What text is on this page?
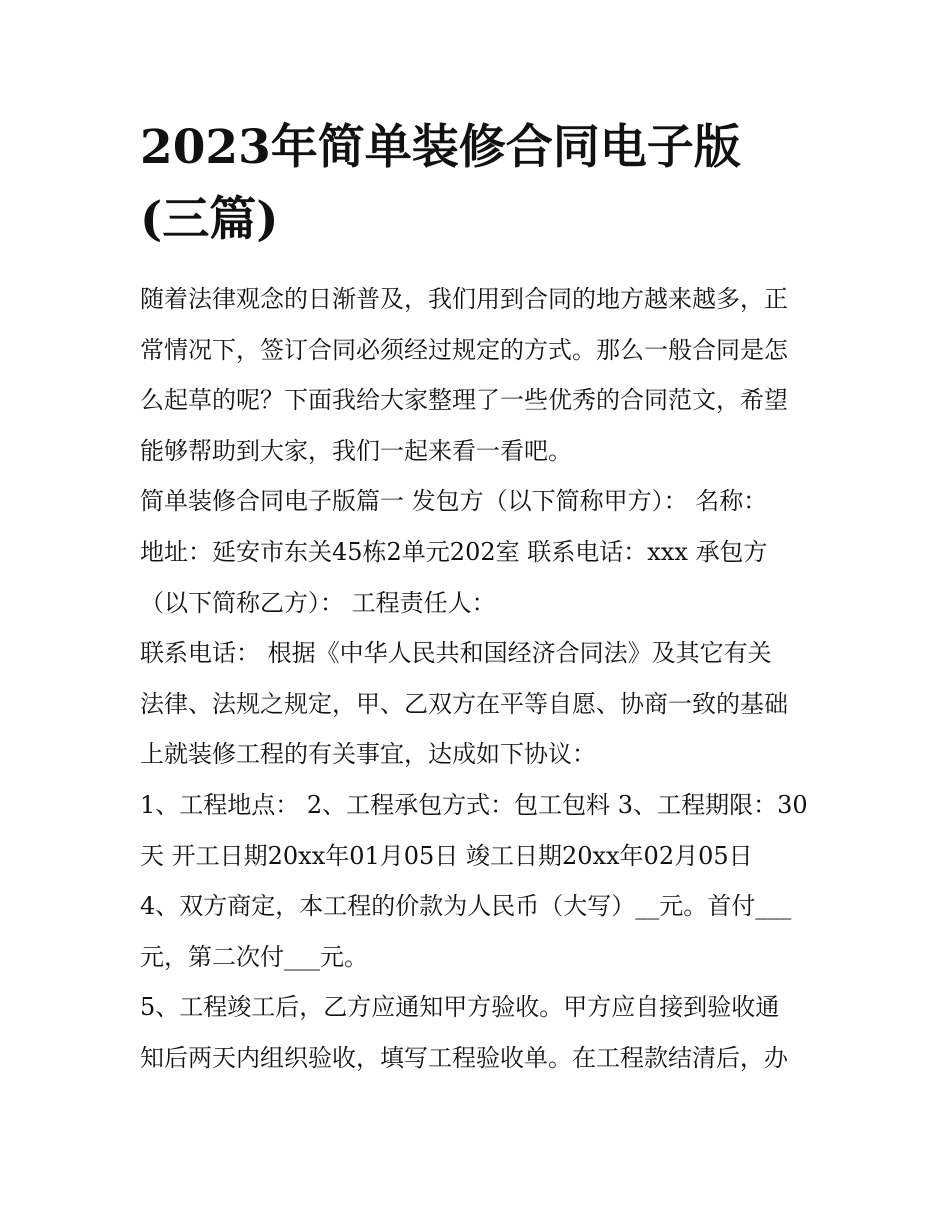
2023年简单装修合同电子版
(三篇)

随着法律观念的日渐普及，我们用到合同的地方越来越多，正
常情况下，签订合同必须经过规定的方式。那么一般合同是怎
么起草的呢？下面我给大家整理了一些优秀的合同范文，希望
能够帮助到大家，我们一起来看一看吧。

简单装修合同电子版篇一 发包方（以下简称甲方）： 名称：
地址：延安市东关45栋2单元202室 联系电话：xxx 承包方
（以下简称乙方）： 工程责任人：

联系电话： 根据《中华人民共和国经济合同法》及其它有关
法律、法规之规定，甲、乙双方在平等自愿、协商一致的基础
上就装修工程的有关事宜，达成如下协议：

1、工程地点： 2、工程承包方式：包工包料 3、工程期限：30
天 开工日期20xx年01月05日 竣工日期20xx年02月05日

4、双方商定，本工程的价款为人民币（大写）__元。首付___
元，第二次付___元。

5、工程竣工后，乙方应通知甲方验收。甲方应自接到验收通
知后两天内组织验收，填写工程验收单。在工程款结清后，办
